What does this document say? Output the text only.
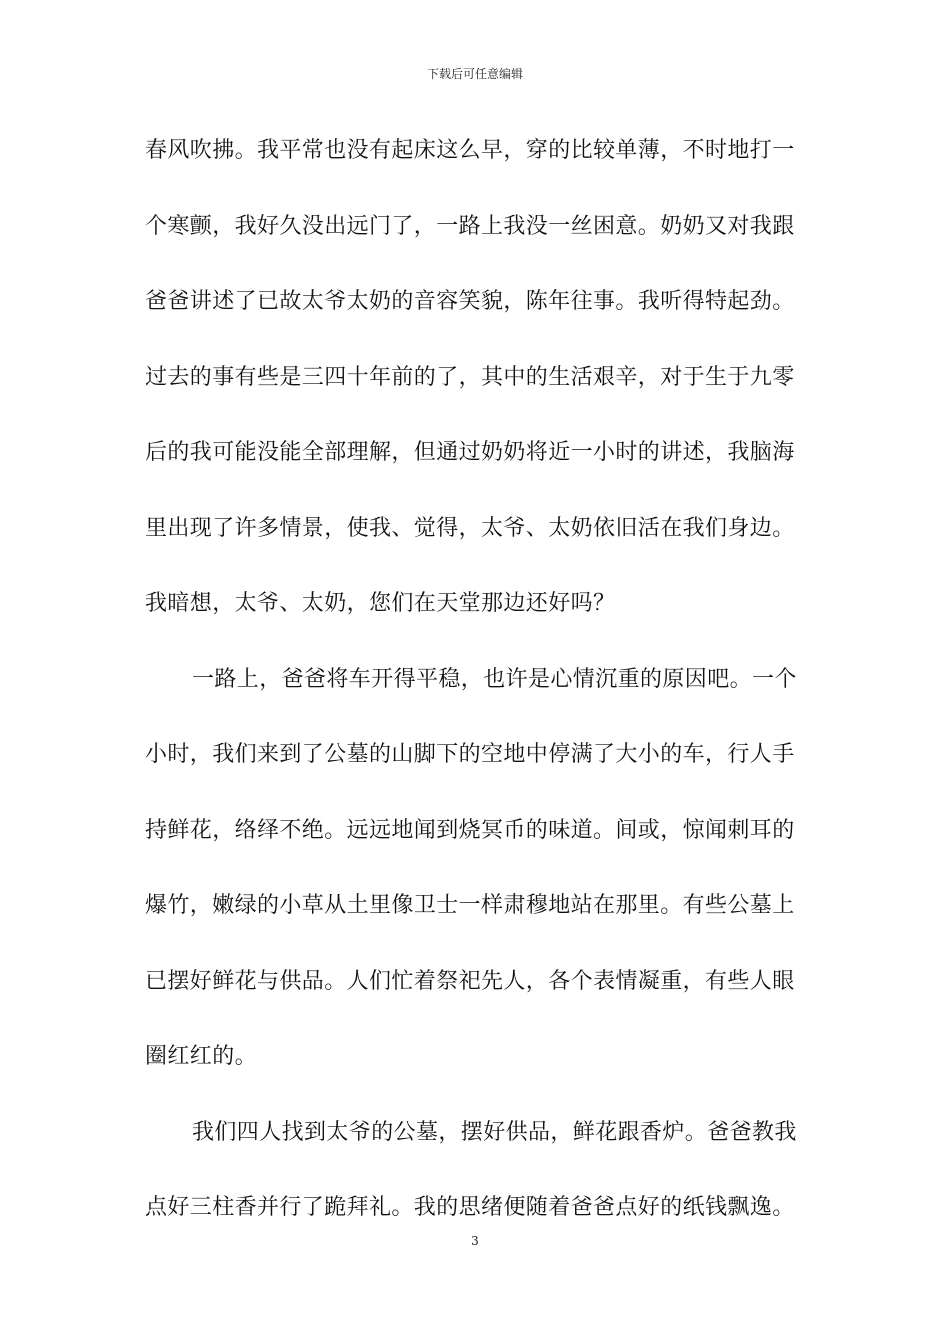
下载后可任意编辑
春风吹拂。我平常也没有起床这么早，穿的比较单薄，不时地打一
个寒颤，我好久没出远门了，一路上我没一丝困意。奶奶又对我跟
爸爸讲述了已故太爷太奶的音容笑貌，陈年往事。我听得特起劲。
过去的事有些是三四十年前的了，其中的生活艰辛，对于生于九零
后的我可能没能全部理解，但通过奶奶将近一小时的讲述，我脑海
里出现了许多情景，使我、觉得，太爷、太奶依旧活在我们身边。
我暗想，太爷、太奶，您们在天堂那边还好吗？
一路上，爸爸将车开得平稳，也许是心情沉重的原因吧。一个
小时，我们来到了公墓的山脚下的空地中停满了大小的车，行人手
持鲜花，络绎不绝。远远地闻到烧冥币的味道。间或，惊闻刺耳的
爆竹，嫩绿的小草从土里像卫士一样肃穆地站在那里。有些公墓上
已摆好鲜花与供品。人们忙着祭祀先人，各个表情凝重，有些人眼
圈红红的。
我们四人找到太爷的公墓，摆好供品，鲜花跟香炉。爸爸教我
点好三柱香并行了跪拜礼。我的思绪便随着爸爸点好的纸钱飘逸。
3
